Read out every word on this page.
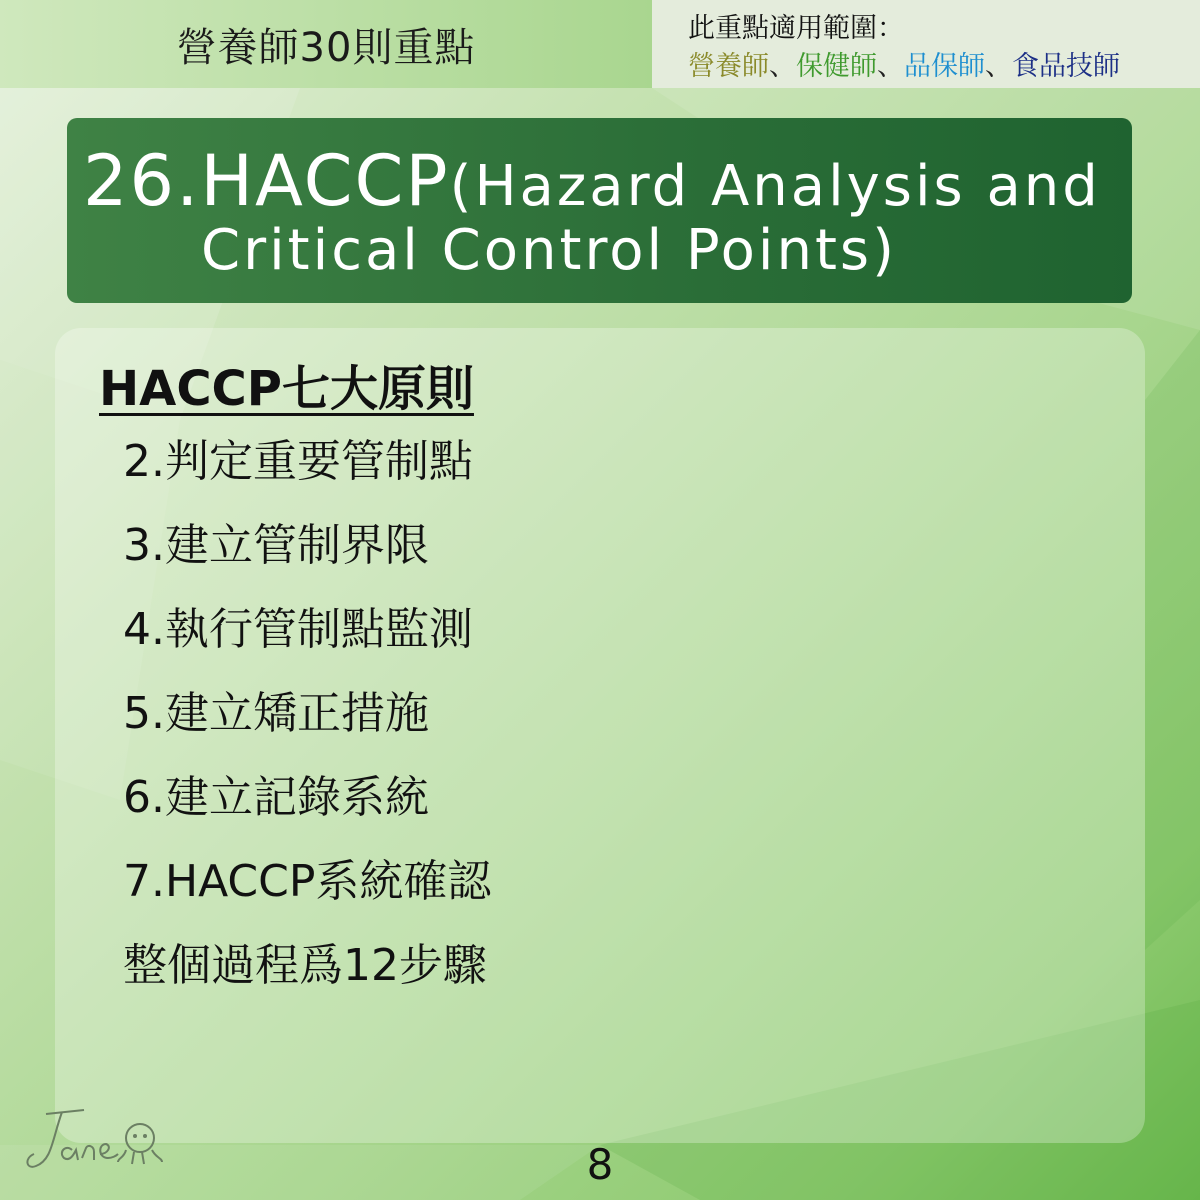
營養師30則重點	此重點適用範圍：
營養師、保健師、品保師、食品技師
26.HACCP(Hazard Analysis and
Critical Control Points)
HACCP七大原則
2.判定重要管制點
3.建立管制界限
4.執行管制點監測
5.建立矯正措施
6.建立記錄系統
7.HACCP系統確認
整個過程爲12步驟
8
